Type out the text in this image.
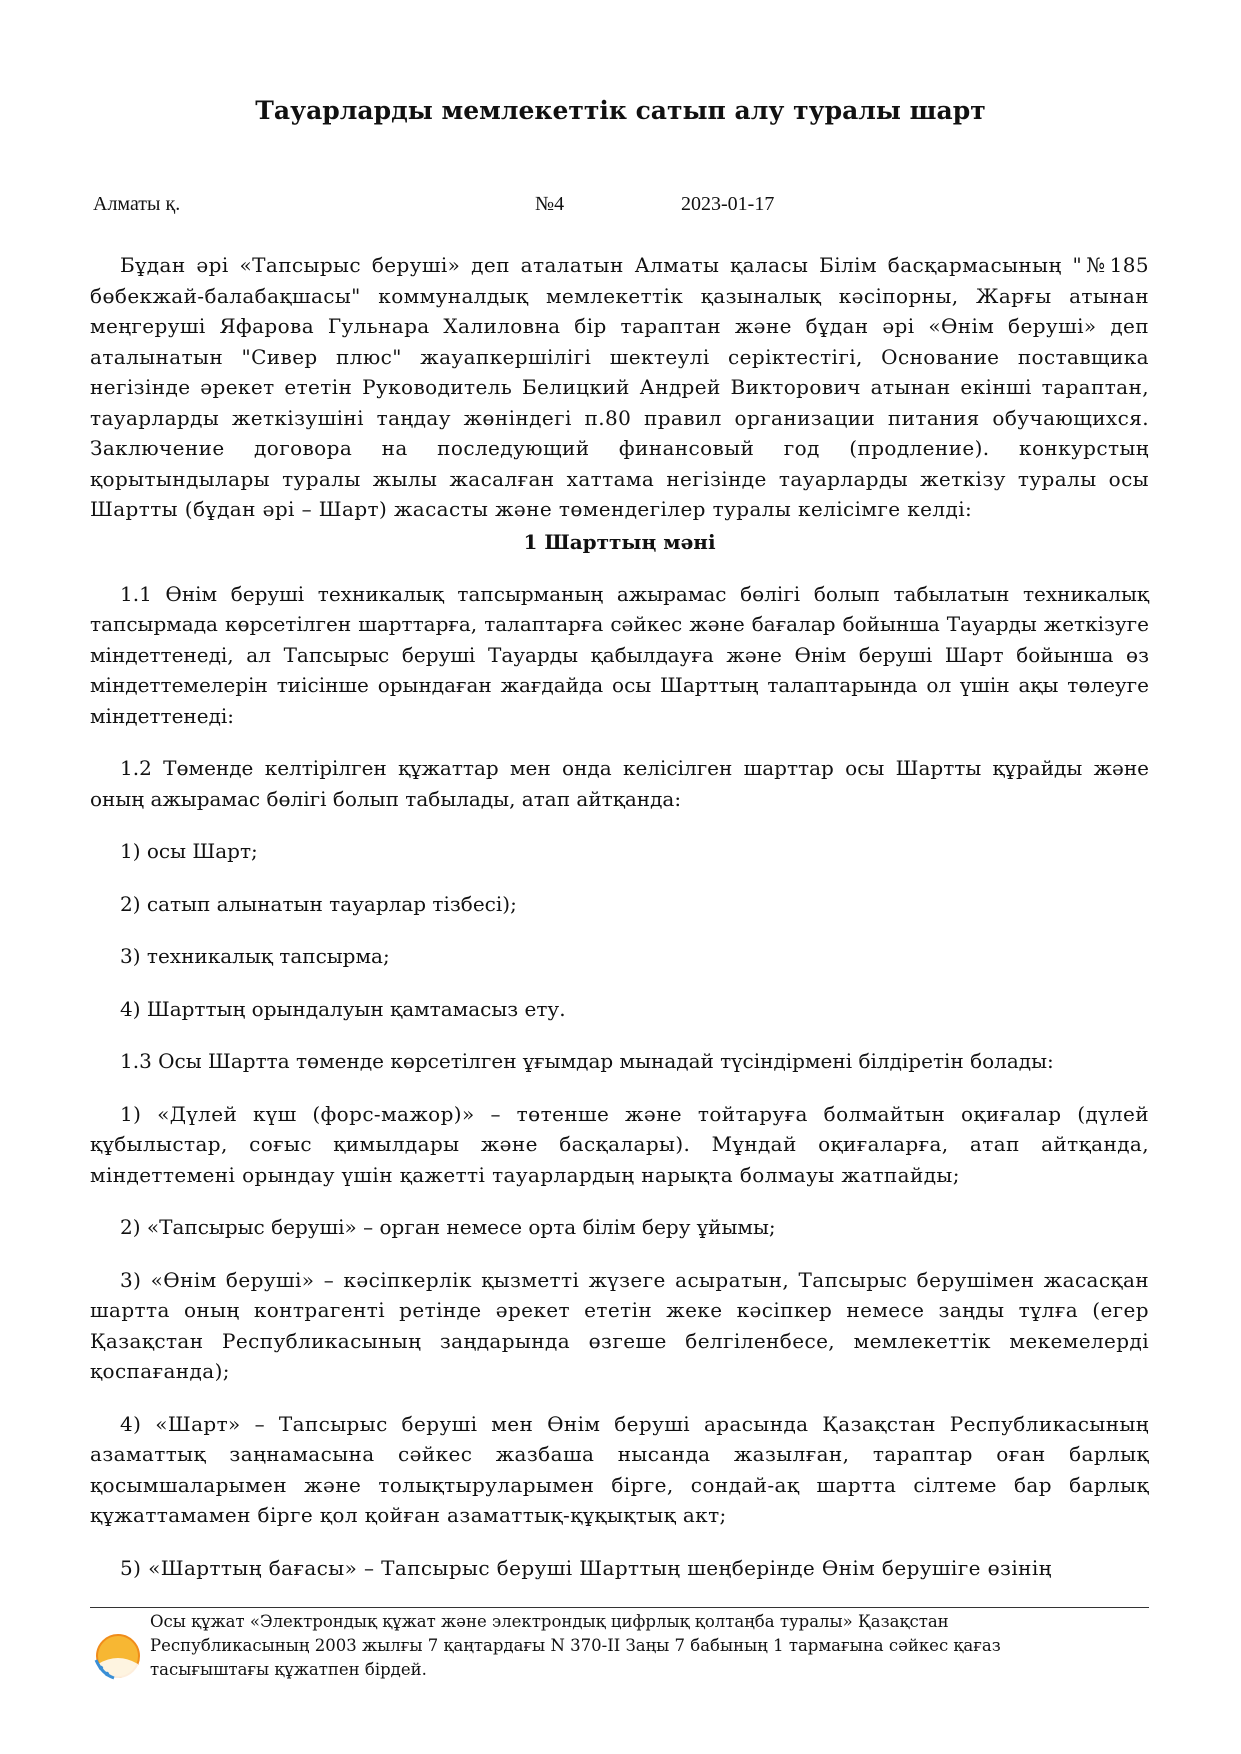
Тауарларды мемлекеттік сатып алу туралы шарт
Алматы қ.	№4	2023-01-17

Бұдан әрі «Тапсырыс беруші» деп аталатын Алматы қаласы Білім басқармасының "№185 бөбекжай-балабақшасы" коммуналдық мемлекеттік қазыналық кәсіпорны, Жарғы атынан меңгеруші Яфарова Гульнара Халиловна бір тараптан және бұдан әрі «Өнім беруші» деп аталынатын "Сивер плюс" жауапкершілігі шектеулі серіктестігі, Основание поставщика негізінде әрекет ететін Руководитель Белицкий Андрей Викторович атынан екінші тараптан, тауарларды жеткізушіні таңдау жөніндегі п.80 правил организации питания обучающихся. Заключение договора на последующий финансовый год (продление). конкурстың қорытындылары туралы жылы жасалған хаттама негізінде тауарларды жеткізу туралы осы Шартты (бұдан әрі – Шарт) жасасты және төмендегілер туралы келісімге келді:

1 Шарттың мәні

1.1 Өнім беруші техникалық тапсырманың ажырамас бөлігі болып табылатын техникалық тапсырмада көрсетілген шарттарға, талаптарға сәйкес және бағалар бойынша Тауарды жеткізуге міндеттенеді, ал Тапсырыс беруші Тауарды қабылдауға және Өнім беруші Шарт бойынша өз міндеттемелерін тиісінше орындаған жағдайда осы Шарттың талаптарында ол үшін ақы төлеуге міндеттенеді:

1.2 Төменде келтірілген құжаттар мен онда келісілген шарттар осы Шартты құрайды және оның ажырамас бөлігі болып табылады, атап айтқанда:

1) осы Шарт;

2) сатып алынатын тауарлар тізбесі);

3) техникалық тапсырма;

4) Шарттың орындалуын қамтамасыз ету.

1.3 Осы Шартта төменде көрсетілген ұғымдар мынадай түсіндірмені білдіретін болады:

1) «Дүлей күш (форс-мажор)» – төтенше және тойтаруға болмайтын оқиғалар (дүлей құбылыстар, соғыс қимылдары және басқалары). Мұндай оқиғаларға, атап айтқанда, міндеттемені орындау үшін қажетті тауарлардың нарықта болмауы жатпайды;

2) «Тапсырыс беруші» – орган немесе орта білім беру ұйымы;

3) «Өнім беруші» – кәсіпкерлік қызметті жүзеге асыратын, Тапсырыс берушімен жасасқан шартта оның контрагенті ретінде әрекет ететін жеке кәсіпкер немесе заңды тұлға (егер Қазақстан Республикасының заңдарында өзгеше белгіленбесе, мемлекеттік мекемелерді қоспағанда);

4) «Шарт» – Тапсырыс беруші мен Өнім беруші арасында Қазақстан Республикасының азаматтық заңнамасына сәйкес жазбаша нысанда жазылған, тараптар оған барлық қосымшаларымен және толықтыруларымен бірге, сондай-ақ шартта сілтеме бар барлық құжаттамамен бірге қол қойған азаматтық-құқықтық акт;

5) «Шарттың бағасы» – Тапсырыс беруші Шарттың шеңберінде Өнім берушіге өзінің

Осы құжат «Электрондық құжат және электрондық цифрлық қолтаңба туралы» Қазақстан Республикасының 2003 жылғы 7 қаңтардағы N 370-II Заңы 7 бабының 1 тармағына сәйкес қағаз тасығыштағы құжатпен бірдей.
